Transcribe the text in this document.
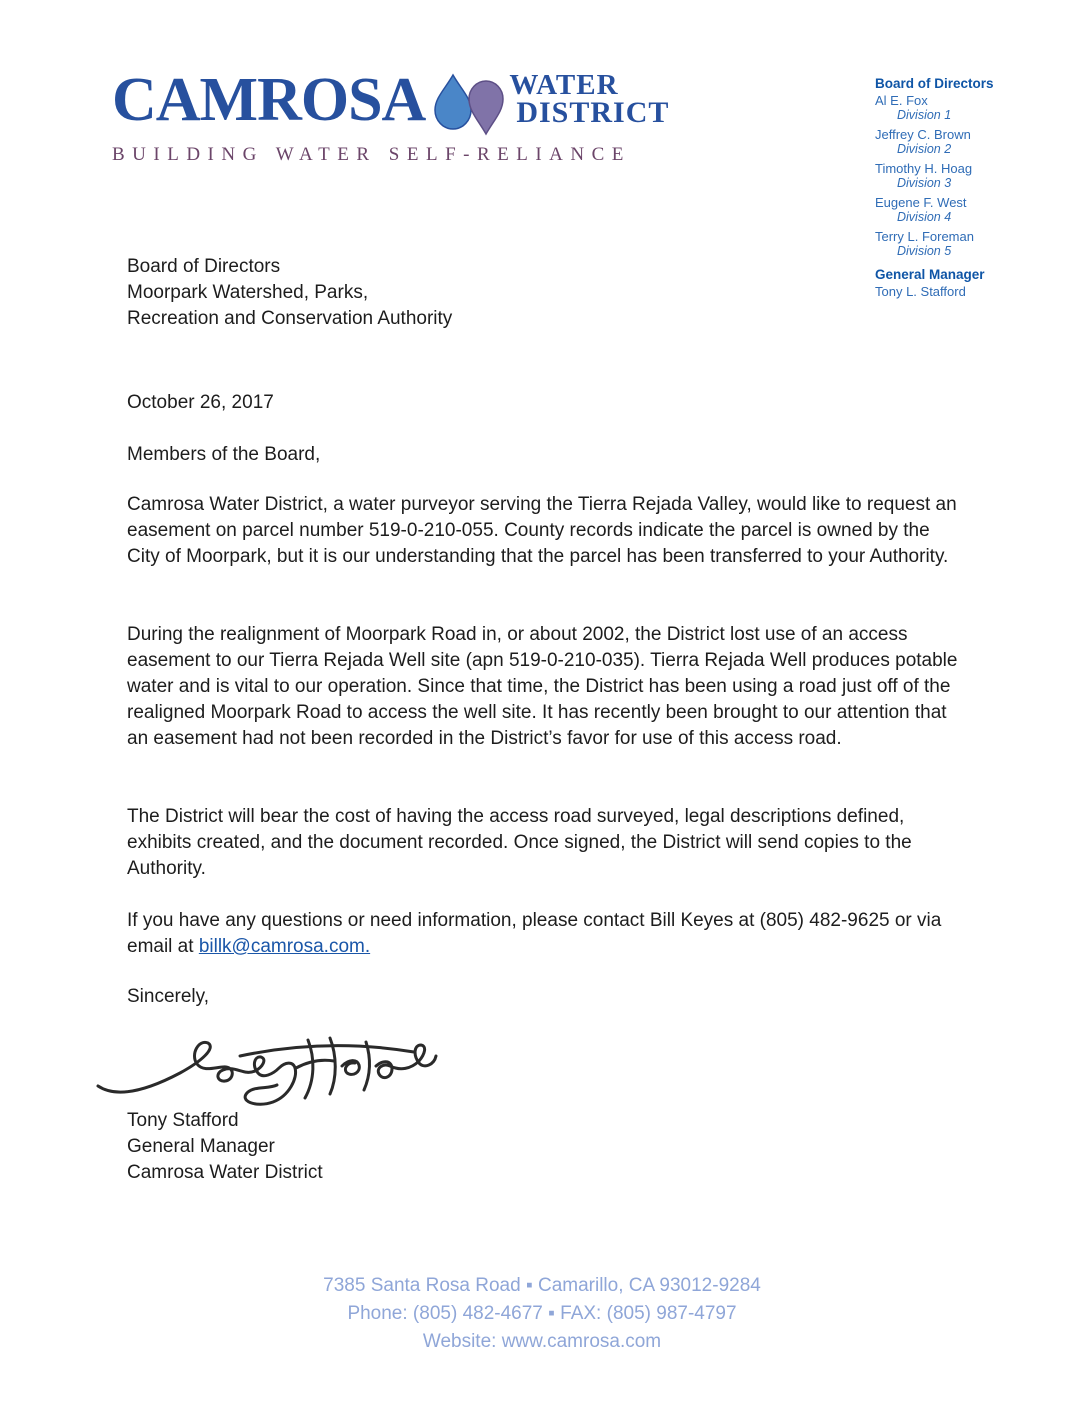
CAMROSA	WATER
DISTRICT
BUILDING WATER SELF-RELIANCE
Board of Directors
Al E. Fox
Division 1
Jeffrey C. Brown
Division 2
Timothy H. Hoag
Division 3
Eugene F. West
Division 4
Terry L. Foreman
Division 5
General Manager
Tony L. Stafford
Board of Directors
Moorpark Watershed, Parks,
Recreation and Conservation Authority
October 26, 2017
Members of the Board,
Camrosa Water District, a water purveyor serving the Tierra Rejada Valley, would like to request an easement on parcel number 519-0-210-055. County records indicate the parcel is owned by the City of Moorpark, but it is our understanding that the parcel has been transferred to your Authority.
During the realignment of Moorpark Road in, or about 2002, the District lost use of an access easement to our Tierra Rejada Well site (apn 519-0-210-035). Tierra Rejada Well produces potable water and is vital to our operation. Since that time, the District has been using a road just off of the realigned Moorpark Road to access the well site. It has recently been brought to our attention that an easement had not been recorded in the District’s favor for use of this access road.
The District will bear the cost of having the access road surveyed, legal descriptions defined, exhibits created, and the document recorded. Once signed, the District will send copies to the Authority.
If you have any questions or need information, please contact Bill Keyes at (805) 482-9625 or via email at billk@camrosa.com.
Sincerely,
Tony Stafford
General Manager
Camrosa Water District
7385 Santa Rosa Road ▪ Camarillo, CA 93012-9284
Phone: (805) 482-4677 ▪ FAX: (805) 987-4797
Website: www.camrosa.com
